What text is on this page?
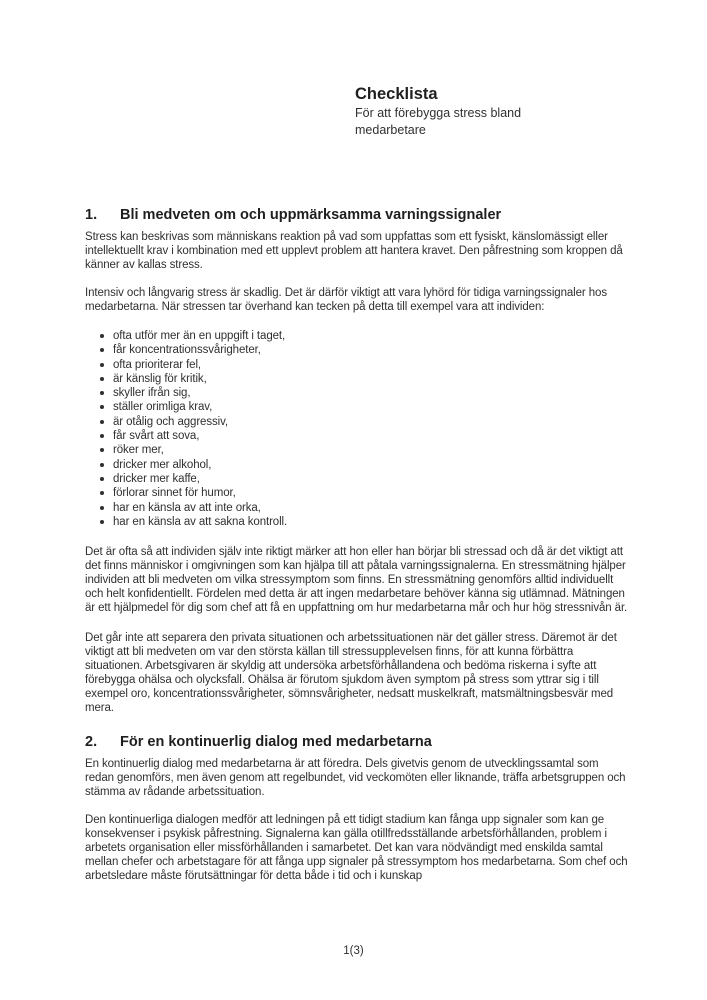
Checklista
För att förebygga stress bland
medarbetare
1.	Bli medveten om och uppmärksamma varningssignaler

Stress kan beskrivas som människans reaktion på vad som uppfattas som ett fysiskt, känslomässigt eller intellektuellt krav i kombination med ett upplevt problem att hantera kravet. Den påfrestning som kroppen då känner av kallas stress.

Intensiv och långvarig stress är skadlig. Det är därför viktigt att vara lyhörd för tidiga varningssignaler hos medarbetarna. När stressen tar överhand kan tecken på detta till exempel vara att individen:

ofta utför mer än en uppgift i taget,
får koncentrationssvårigheter,
ofta prioriterar fel,
är känslig för kritik,
skyller ifrån sig,
ställer orimliga krav,
är otålig och aggressiv,
får svårt att sova,
röker mer,
dricker mer alkohol,
dricker mer kaffe,
förlorar sinnet för humor,
har en känsla av att inte orka,
har en känsla av att sakna kontroll.

Det är ofta så att individen själv inte riktigt märker att hon eller han börjar bli stressad och då är det viktigt att det finns människor i omgivningen som kan hjälpa till att påtala varningssignalerna. En stressmätning hjälper individen att bli medveten om vilka stressymptom som finns. En stressmätning genomförs alltid individuellt och helt konfidentiellt. Fördelen med detta är att ingen medarbetare behöver känna sig utlämnad. Mätningen är ett hjälpmedel för dig som chef att få en uppfattning om hur medarbetarna mår och hur hög stressnivån är.

Det går inte att separera den privata situationen och arbetssituationen när det gäller stress. Däremot är det viktigt att bli medveten om var den största källan till stressupplevelsen finns, för att kunna förbättra situationen. Arbetsgivaren är skyldig att undersöka arbetsförhållandena och bedöma riskerna i syfte att förebygga ohälsa och olycksfall. Ohälsa är förutom sjukdom även symptom på stress som yttrar sig i till exempel oro, koncentrationssvårigheter, sömnsvårigheter, nedsatt muskelkraft, matsmältningsbesvär med mera.

2.	För en kontinuerlig dialog med medarbetarna

En kontinuerlig dialog med medarbetarna är att föredra. Dels givetvis genom de utvecklingssamtal som redan genomförs, men även genom att regelbundet, vid veckomöten eller liknande, träffa arbetsgruppen och stämma av rådande arbetssituation.

Den kontinuerliga dialogen medför att ledningen på ett tidigt stadium kan fånga upp signaler som kan ge konsekvenser i psykisk påfrestning. Signalerna kan gälla otillfredsställande arbetsförhållanden, problem i arbetets organisation eller missförhållanden i samarbetet. Det kan vara nödvändigt med enskilda samtal mellan chefer och arbetstagare för att fånga upp signaler på stressymptom hos medarbetarna. Som chef och arbetsledare måste förutsättningar för detta både i tid och i kunskap

1(3)
